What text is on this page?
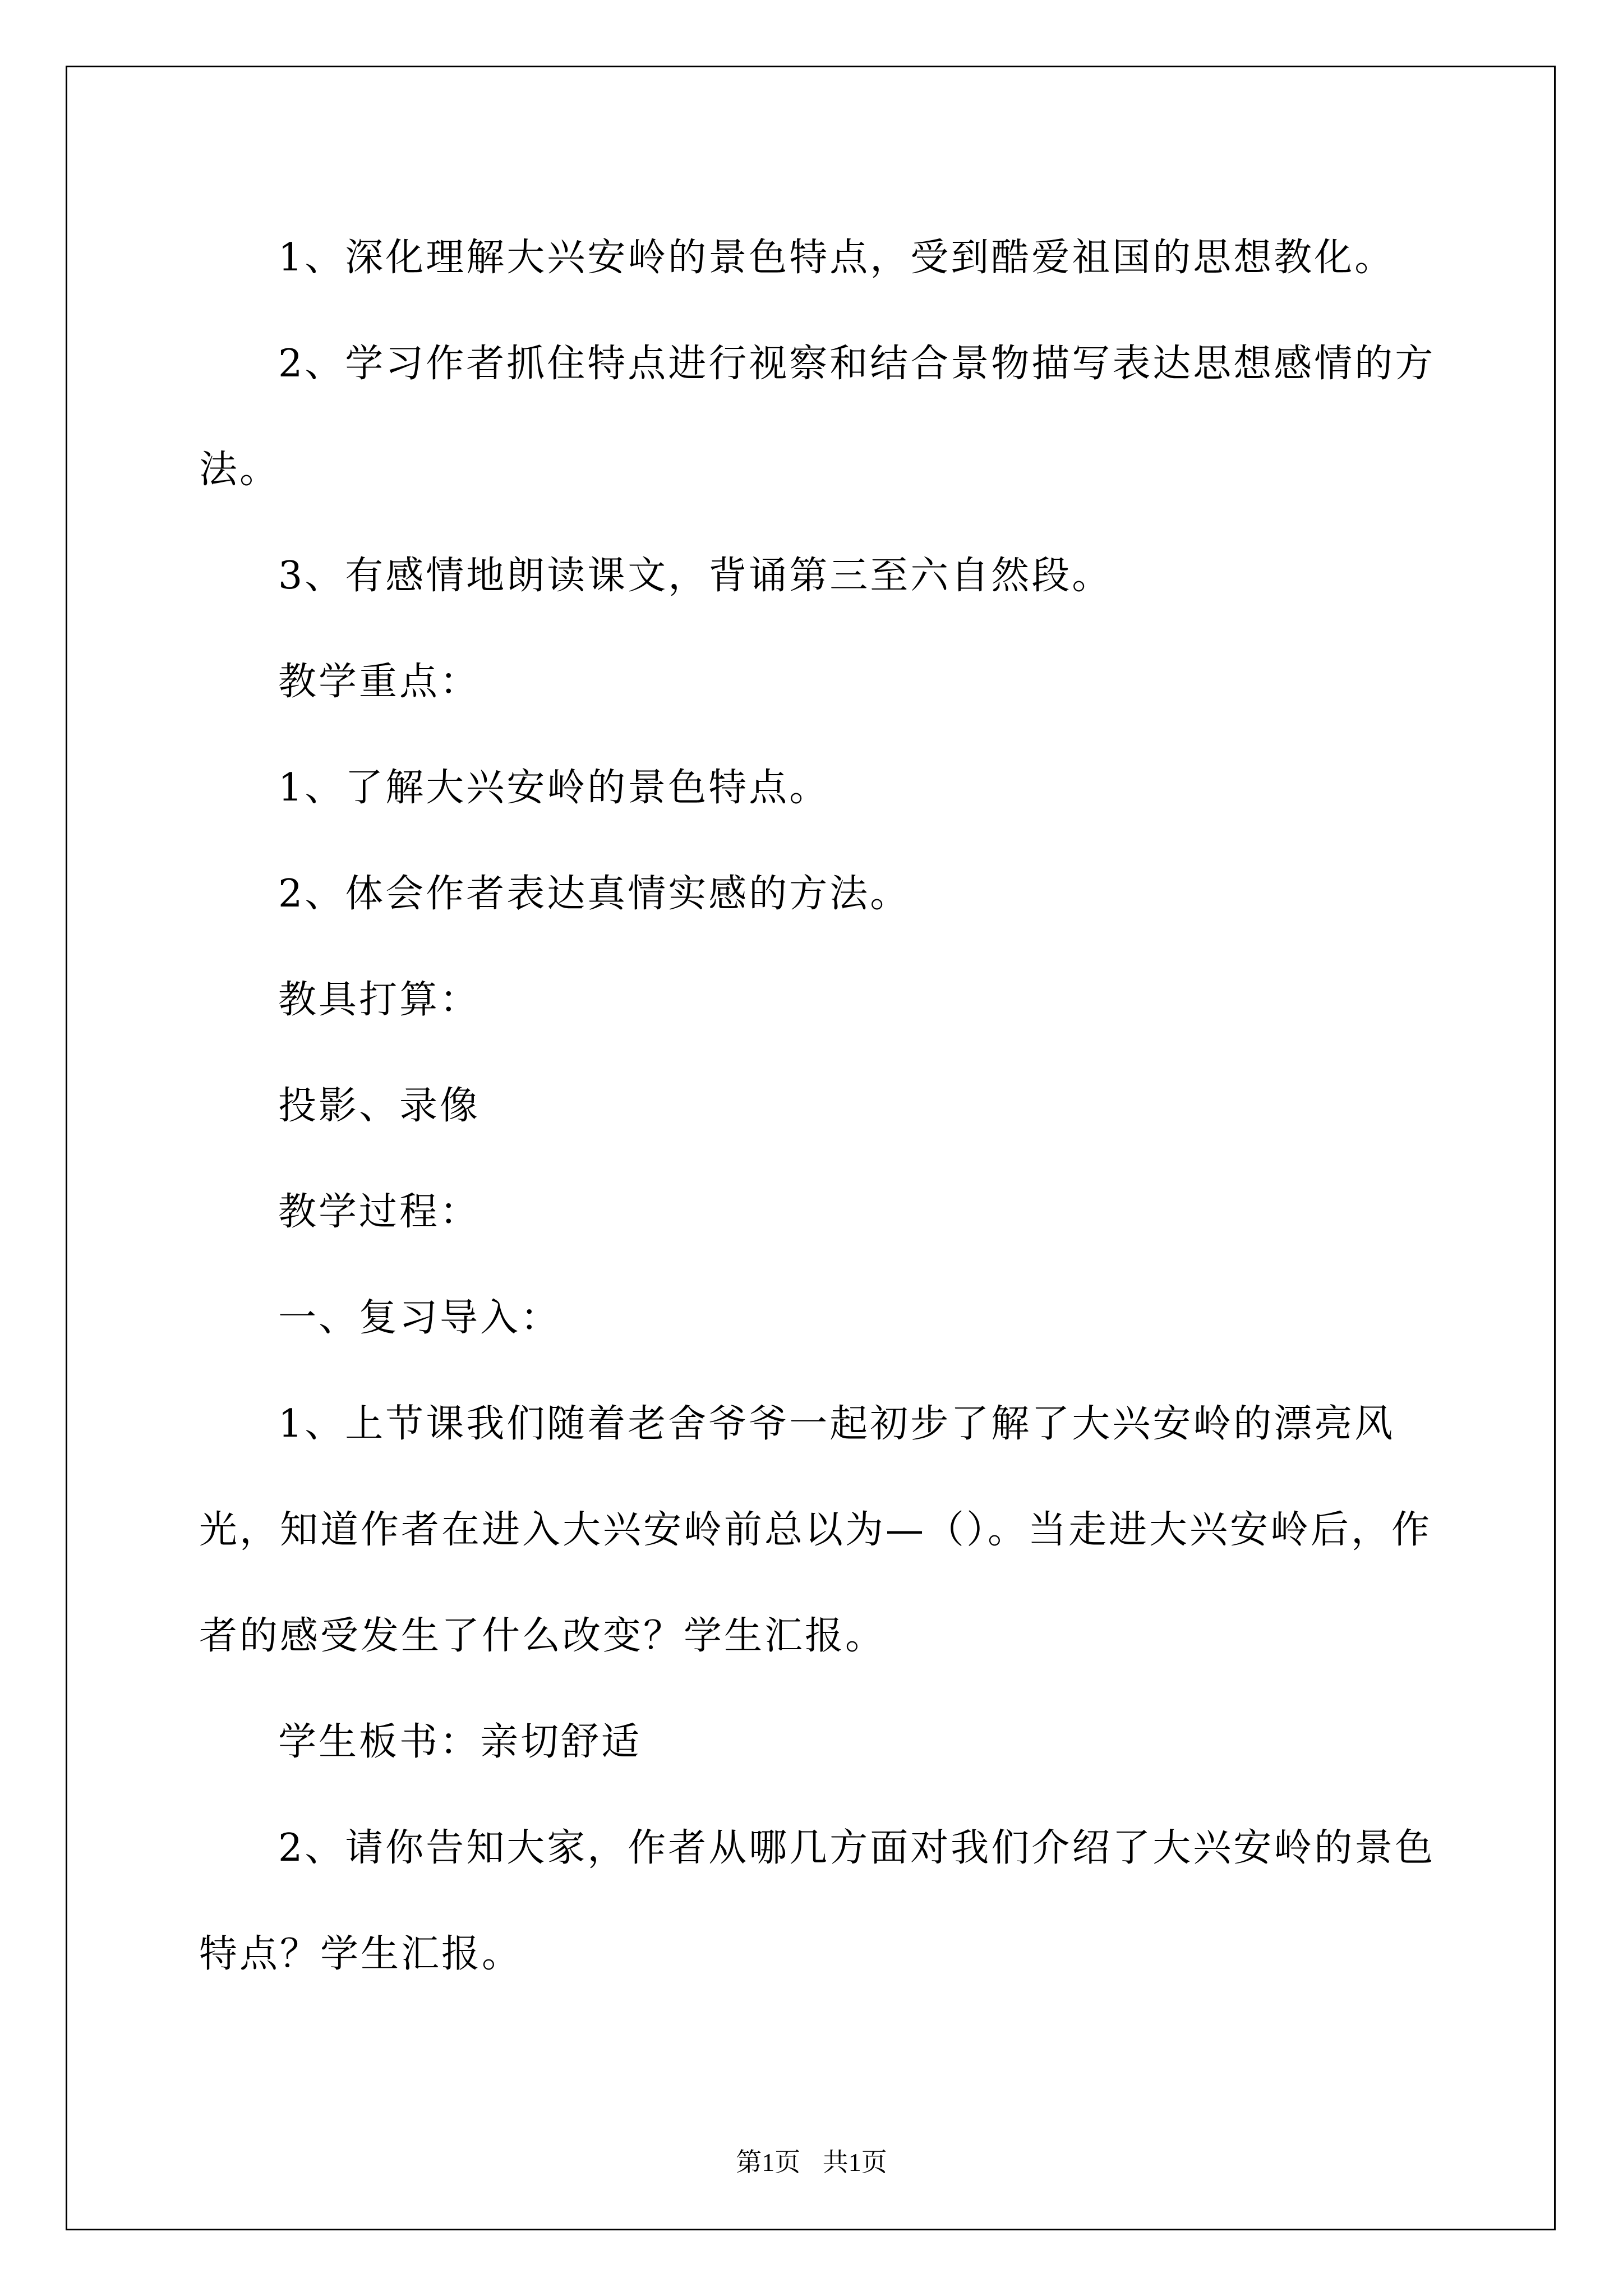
1、深化理解大兴安岭的景色特点，受到酷爱祖国的思想教化。

2、学习作者抓住特点进行视察和结合景物描写表达思想感情的方法。

3、有感情地朗读课文，背诵第三至六自然段。

教学重点：

1、了解大兴安岭的景色特点。

2、体会作者表达真情实感的方法。

教具打算：

投影、录像

教学过程：

一、复习导入：

1、上节课我们随着老舍爷爷一起初步了解了大兴安岭的漂亮风光，知道作者在进入大兴安岭前总以为—（）。当走进大兴安岭后，作者的感受发生了什么改变？学生汇报。

学生板书：亲切舒适

2、请你告知大家，作者从哪几方面对我们介绍了大兴安岭的景色特点？学生汇报。

第1页 共1页
